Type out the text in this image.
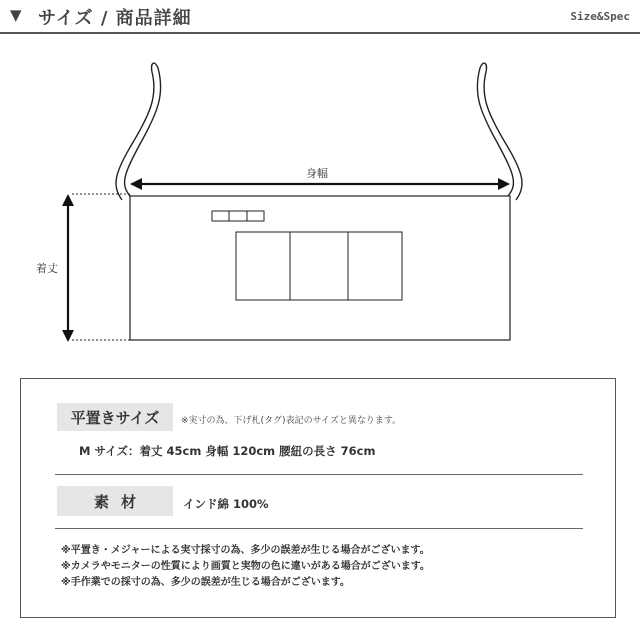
▼ サイズ / 商品詳細	Size&Spec
身幅
着丈
平置きサイズ	※実寸の為、下げ札(タグ)表記のサイズと異なります。
M サイズ：着丈 45cm 身幅 120cm 腰紐の長さ 76cm
素材	インド綿 100%
※平置き・メジャーによる実寸採寸の為、多少の誤差が生じる場合がございます。
※カメラやモニターの性質により画質と実物の色に違いがある場合がございます。
※手作業での採寸の為、多少の誤差が生じる場合がございます。
